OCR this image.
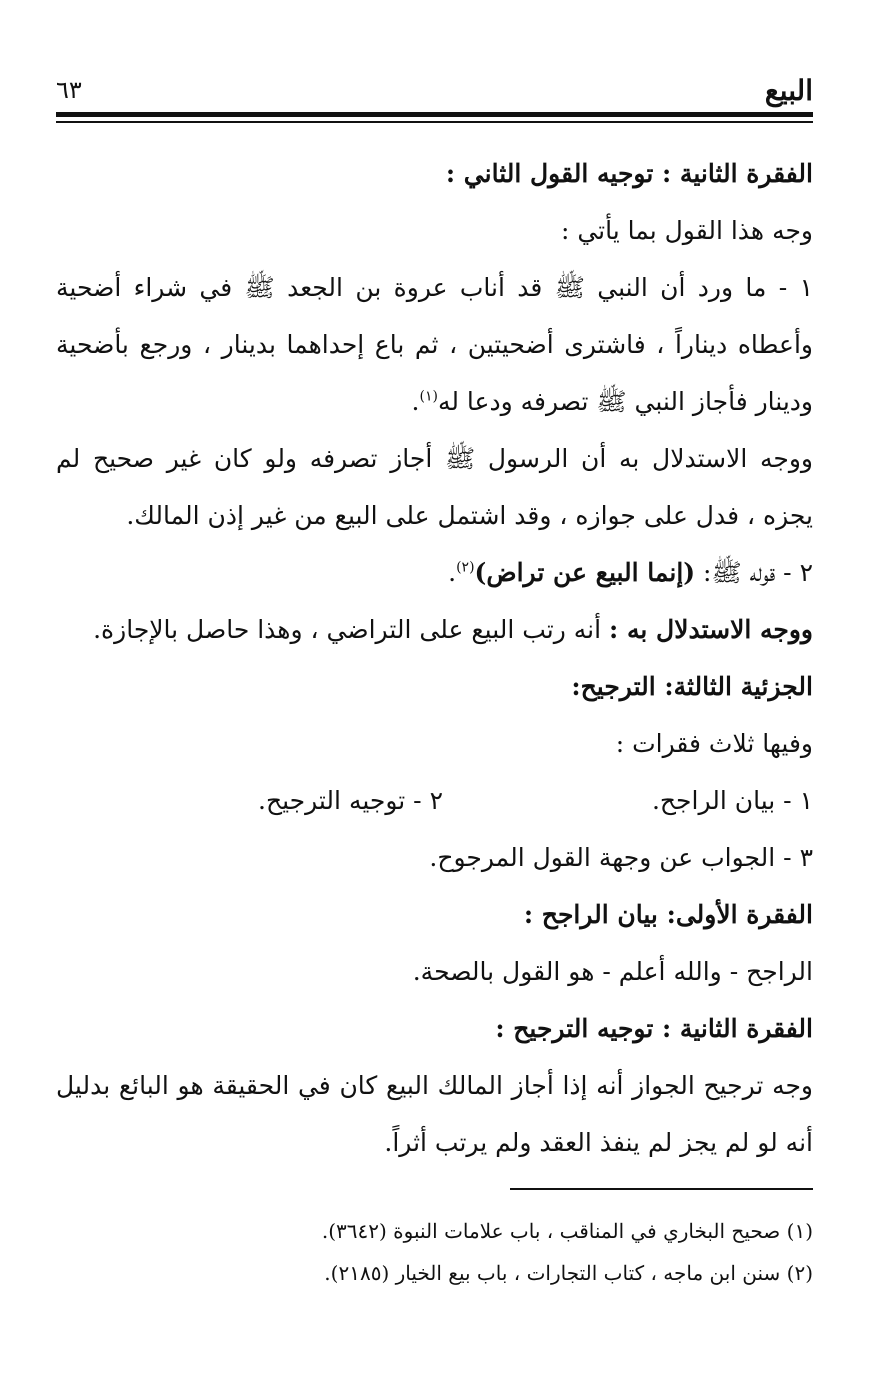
البيع
٦٣

الفقرة الثانية : توجيه القول الثاني :

وجه هذا القول بما يأتي :

١ - ما ورد أن النبي ﷺ قد أناب عروة بن الجعد ﷺ في شراء أضحية وأعطاه ديناراً ، فاشترى أضحيتين ، ثم باع إحداهما بدينار ، ورجع بأضحية ودينار فأجاز النبي ﷺ تصرفه ودعا له$^{(١)}$.

ووجه الاستدلال به أن الرسول ﷺ أجاز تصرفه ولو كان غير صحيح لم يجزه ، فدل على جوازه ، وقد اشتمل على البيع من غير إذن المالك.

٢ - قوله ﷺ: (إنما البيع عن تراض)$^{(٢)}$.

ووجه الاستدلال به : أنه رتب البيع على التراضي ، وهذا حاصل بالإجازة.

الجزئية الثالثة: الترجيح:

وفيها ثلاث فقرات :

١ - بيان الراجح.
٢ - توجيه الترجيح.

٣ - الجواب عن وجهة القول المرجوح.

الفقرة الأولى: بيان الراجح :

الراجح - والله أعلم - هو القول بالصحة.

الفقرة الثانية : توجيه الترجيح :

وجه ترجيح الجواز أنه إذا أجاز المالك البيع كان في الحقيقة هو البائع بدليل أنه لو لم يجز لم ينفذ العقد ولم يرتب أثراً.

(١) صحيح البخاري في المناقب ، باب علامات النبوة (٣٦٤٢).

(٢) سنن ابن ماجه ، كتاب التجارات ، باب بيع الخيار (٢١٨٥).
